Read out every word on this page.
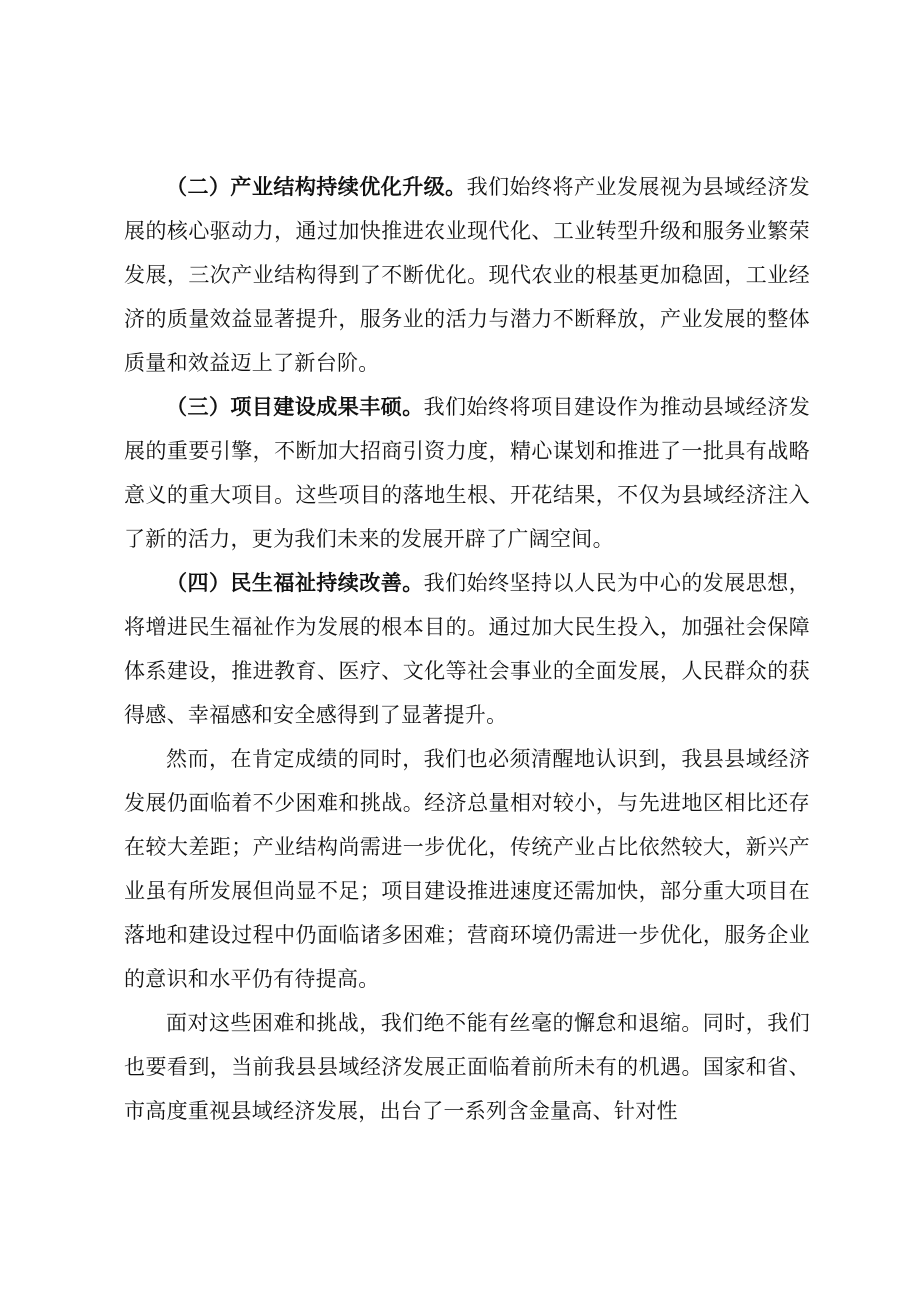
（二）产业结构持续优化升级。我们始终将产业发展视为县域经济发展的核心驱动力，通过加快推进农业现代化、工业转型升级和服务业繁荣发展，三次产业结构得到了不断优化。现代农业的根基更加稳固，工业经济的质量效益显著提升，服务业的活力与潜力不断释放，产业发展的整体质量和效益迈上了新台阶。

（三）项目建设成果丰硕。我们始终将项目建设作为推动县域经济发展的重要引擎，不断加大招商引资力度，精心谋划和推进了一批具有战略意义的重大项目。这些项目的落地生根、开花结果，不仅为县域经济注入了新的活力，更为我们未来的发展开辟了广阔空间。

（四）民生福祉持续改善。我们始终坚持以人民为中心的发展思想，将增进民生福祉作为发展的根本目的。通过加大民生投入，加强社会保障体系建设，推进教育、医疗、文化等社会事业的全面发展，人民群众的获得感、幸福感和安全感得到了显著提升。

然而，在肯定成绩的同时，我们也必须清醒地认识到，我县县域经济发展仍面临着不少困难和挑战。经济总量相对较小，与先进地区相比还存在较大差距；产业结构尚需进一步优化，传统产业占比依然较大，新兴产业虽有所发展但尚显不足；项目建设推进速度还需加快，部分重大项目在落地和建设过程中仍面临诸多困难；营商环境仍需进一步优化，服务企业的意识和水平仍有待提高。

面对这些困难和挑战，我们绝不能有丝毫的懈怠和退缩。同时，我们也要看到，当前我县县域经济发展正面临着前所未有的机遇。国家和省、市高度重视县域经济发展，出台了一系列含金量高、针对性
